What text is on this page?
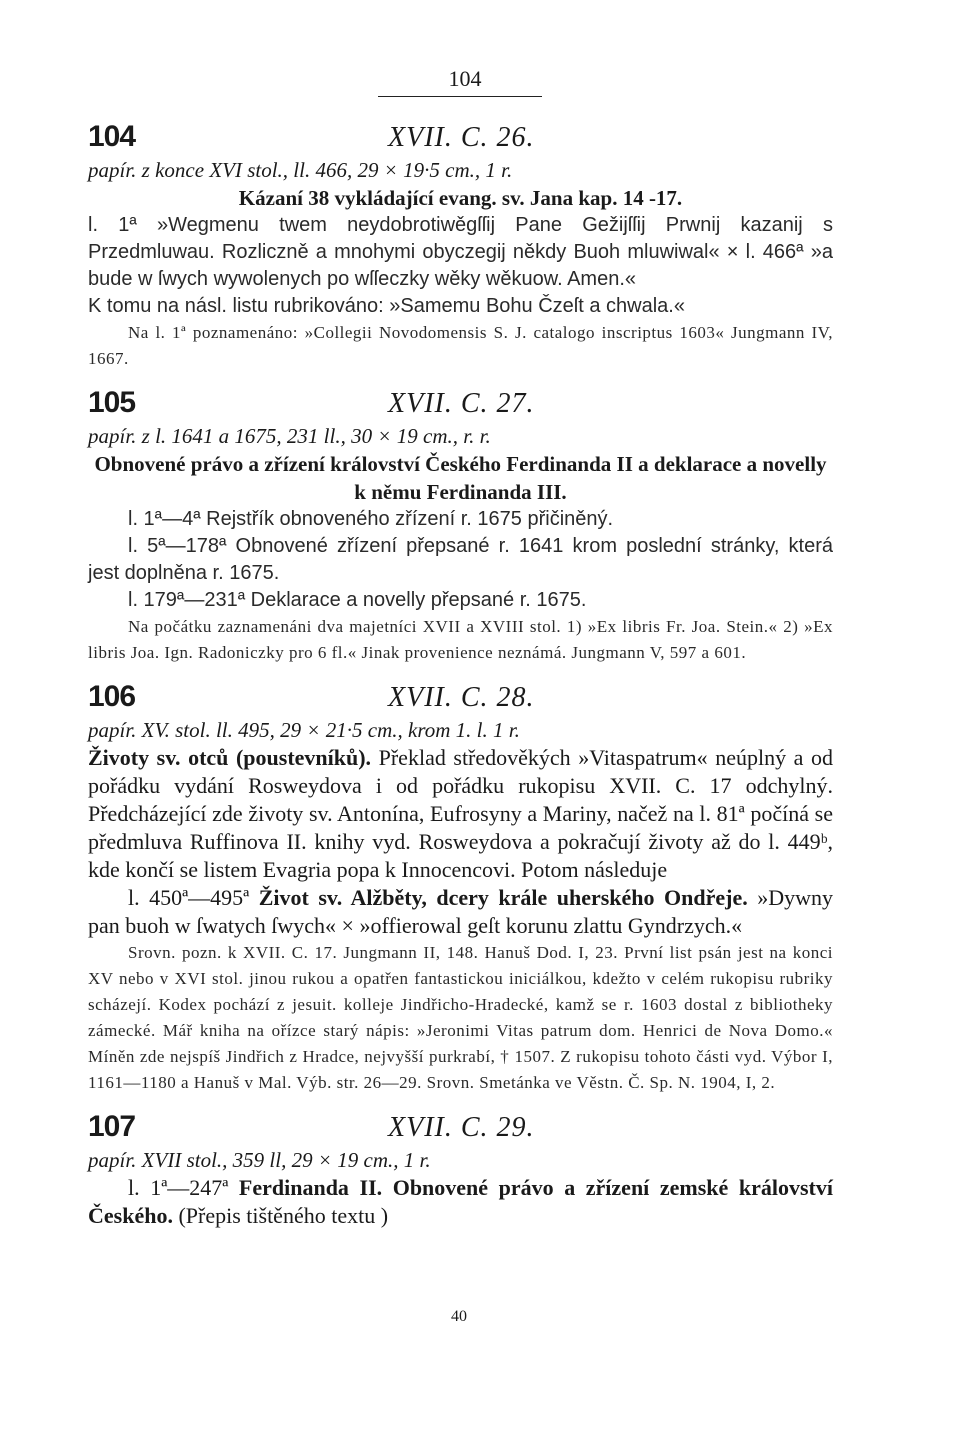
104
104	XVII. C. 26.
papír. z konce XVI stol., ll. 466, 29 × 19·5 cm., 1 r.
Kázaní 38 vykládající evang. sv. Jana kap. 14 -17.
l. 1ª »Wegmenu twem neydobrotiwěgſſij Pane Gežijſſij Prwnij kazanij s Przedmluwau. Rozliczně a mnohymi obyczegij někdy Buoh mluwiwal« × l. 466ª »a bude w ſwych wywolenych po wſſeczky wěky wěkuow. Amen.«
K tomu na násl. listu rubrikováno: »Samemu Bohu Čzeſt a chwala.«
Na l. 1ª poznamenáno: »Collegii Novodomensis S. J. catalogo inscriptus 1603« Jungmann IV, 1667.
105	XVII. C. 27.
papír. z l. 1641 a 1675, 231 ll., 30 × 19 cm., r. r.
Obnovené právo a zřízení království Českého Ferdinanda II a deklarace a novelly k němu Ferdinanda III.
l. 1ª—4ª Rejstřík obnoveného zřízení r. 1675 přičiněný.
l. 5ª—178ª Obnovené zřízení přepsané r. 1641 krom poslední stránky, která jest doplněna r. 1675.
l. 179ª—231ª Deklarace a novelly přepsané r. 1675.
Na počátku zaznamenáni dva majetníci XVII a XVIII stol. 1) »Ex libris Fr. Joa. Stein.« 2) »Ex libris Joa. Ign. Radoniczky pro 6 fl.« Jinak provenience neznámá. Jungmann V, 597 a 601.
106	XVII. C. 28.
papír. XV. stol. ll. 495, 29 × 21·5 cm., krom 1. l. 1 r.
Životy sv. otců (poustevníků). Překlad středověkých »Vitaspatrum« neúplný a od pořádku vydání Rosweydova i od pořádku rukopisu XVII. C. 17 odchylný. Předcházející zde životy sv. Antonína, Eufrosyny a Mariny, načež na l. 81ª počíná se předmluva Ruffinova II. knihy vyd. Rosweydova a pokračují životy až do l. 449ᵇ, kde končí se listem Evagria popa k Innocencovi. Potom následuje
l. 450ª—495ª Život sv. Alžběty, dcery krále uherského Ondřeje. »Dywny pan buoh w ſwatych ſwych« × »offierowal geſt korunu zlattu Gyndrzych.«
Srovn. pozn. k XVII. C. 17. Jungmann II, 148. Hanuš Dod. I, 23. První list psán jest na konci XV nebo v XVI stol. jinou rukou a opatřen fantastickou iniciálkou, kdežto v celém rukopisu rubriky scházejí. Kodex pochází z jesuit. kolleje Jindřicho-Hradecké, kamž se r. 1603 dostal z bibliotheky zámecké. Mář kniha na ořízce starý nápis: »Jeronimi Vitas patrum dom. Henrici de Nova Domo.« Míněn zde nejspíš Jindřich z Hradce, nejvyšší purkrabí, † 1507. Z rukopisu tohoto části vyd. Výbor I, 1161—1180 a Hanuš v Mal. Výb. str. 26—29. Srovn. Smetánka ve Věstn. Č. Sp. N. 1904, I, 2.
107	XVII. C. 29.
papír. XVII stol., 359 ll, 29 × 19 cm., 1 r.
l. 1ª—247ª Ferdinanda II. Obnovené právo a zřízení zemské království Českého. (Přepis tištěného textu )
40
